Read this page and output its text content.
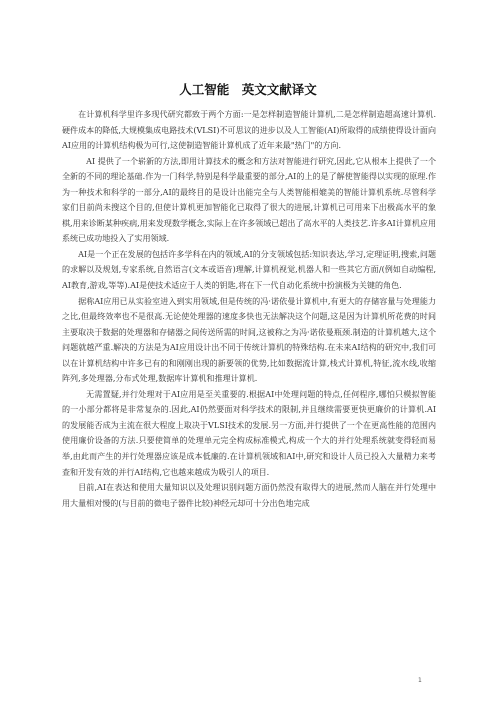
人工智能　英文文献译文

在计算机科学里许多现代研究都致于两个方面:一是怎样制造智能计算机,二是怎样制造超高速计算机.硬件成本的降低,大规模集成电路技术(VLSI)不可思议的进步以及人工智能(AI)所取得的成绩使得设计面向AI应用的计算机结构极为可行,这使制造智能计算机成了近年来最"热门"的方向.

AI 提供了一个崭新的方法,即用计算技术的概念和方法对智能进行研究,因此,它从根本上提供了一个全新的不同的理论基础.作为一门科学,特别是科学最重要的部分,AI的上的是了解使智能得以实现的原理.作为一种技术和科学的一部分,AI的最终目的是设计出能完全与人类智能相媲美的智能计算机系统.尽管科学家们目前尚未搜这个目的,但使计算机更加智能化已取得了很大的进展,计算机已可用来下出极高水平的象棋,用来诊断某种疾病,用来发现数学概念,实际上在许多领域已超出了高水平的人类技艺.许多AI计算机应用系统已成功地投入了实用领域.

AI是一个正在发展的包括许多学科在内的领域,AI的分支领域包括:知识表达,学习,定理证明,搜索,问题的求解以及规划,专家系统,自然语言(文本或语音)理解,计算机视觉,机器人和一些其它方面/(例如自动编程,AI教育,游戏,等等).AI是使技术适应于人类的钥匙,将在下一代自动化系统中扮演极为关键的角色.

据称AI应用已从实验室进入到实用领域,但是传统的冯·诺依曼计算机中,有更大的存储容量与处理能力之比,但最终效率也不是很高.无论使处理器的速度多快也无法解决这个问题,这是因为计算机所花费的时间主要取决于数据的处理器和存储器之间传送所需的时间,这被称之为冯·诺依曼瓶颈.制造的计算机越大,这个问题就越严重.解决的方法是为AI应用设计出不同于传统计算机的特殊结构.在未来AI结构的研究中,我们可以在计算机结构中许多已有的和刚刚出现的新要领的优势,比如数据流计算,栈式计算机,特征,流水线,收缩阵列,多处理器,分布式处理,数据库计算机和推理计算机.

无需置疑,并行处理对于AI应用是至关重要的.根据AI中处理问题的特点,任何程序,哪怕只模拟智能的一小部分都将是非常复杂的.因此,AI仍然要面对科学技术的限制,并且继续需要更快更廉价的计算机.AI的发展能否成为主流在很大程度上取决于VLSI技术的发展.另一方面,并行提供了一个在更高性能的范围内使用廉价设备的方法.只要使简单的处理单元完全构成标准模式,构成一个大的并行处理系统就变得轻而易举,由此而产生的并行处理器应该是成本低廉的.在计算机领域和AI中,研究和设计人员已投入大量精力来考查和开发有效的并行AI结构,它也越来越成为吸引人的项目.

目前,AI在表达和使用大量知识以及处理识别问题方面仍然没有取得大的进展,然而人脑在并行处理中用大量相对慢的(与目前的微电子器件比较)神经元却可十分出色地完成

1
